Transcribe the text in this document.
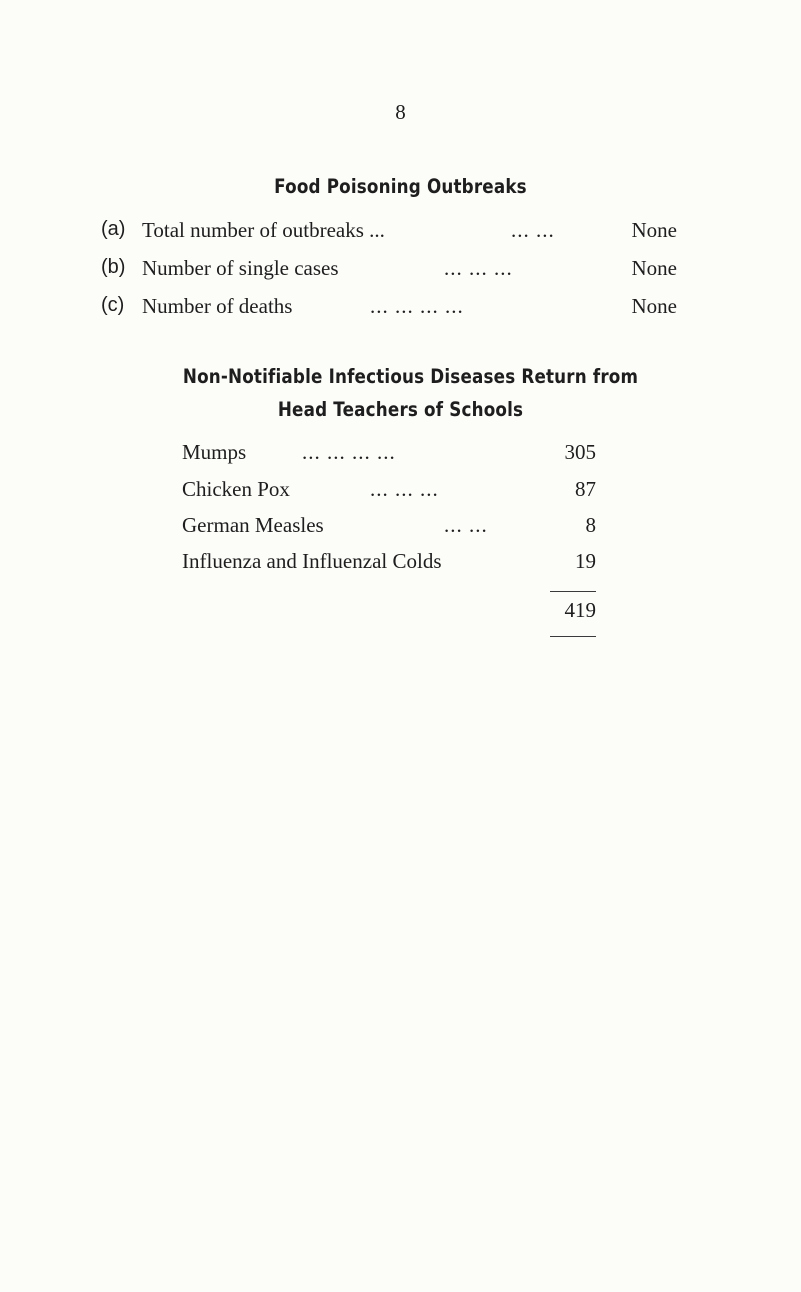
8
Food Poisoning Outbreaks
(a) Total number of outbreaks ...	... ...	None
(b) Number of single cases	... ... ...	None
(c) Number of deaths	... ... ... ...	None
Non-Notifiable Infectious Diseases Return from
Head Teachers of Schools
Mumps	... ... ... ...	305
Chicken Pox	... ... ...	87
German Measles	... ...	8
Influenza and Influenzal Colds	19
419
